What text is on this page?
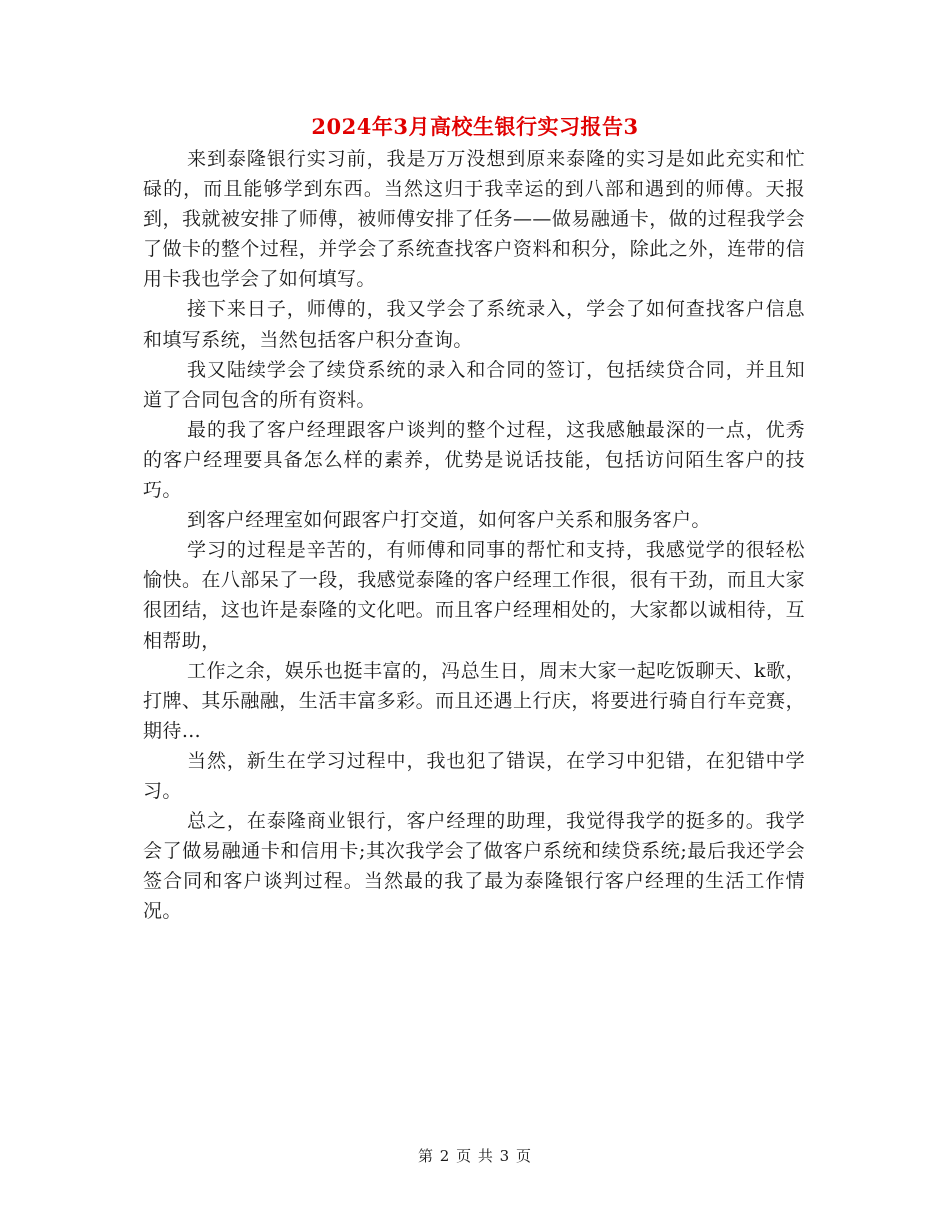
2024年3月高校生银行实习报告3

来到泰隆银行实习前，我是万万没想到原来泰隆的实习是如此充实和忙碌的，而且能够学到东西。当然这归于我幸运的到八部和遇到的师傅。天报到，我就被安排了师傅，被师傅安排了任务——做易融通卡，做的过程我学会了做卡的整个过程，并学会了系统查找客户资料和积分，除此之外，连带的信用卡我也学会了如何填写。

接下来日子，师傅的，我又学会了系统录入，学会了如何查找客户信息和填写系统，当然包括客户积分查询。

我又陆续学会了续贷系统的录入和合同的签订，包括续贷合同，并且知道了合同包含的所有资料。

最的我了客户经理跟客户谈判的整个过程，这我感触最深的一点，优秀的客户经理要具备怎么样的素养，优势是说话技能，包括访问陌生客户的技巧。

到客户经理室如何跟客户打交道，如何客户关系和服务客户。

学习的过程是辛苦的，有师傅和同事的帮忙和支持，我感觉学的很轻松愉快。在八部呆了一段，我感觉泰隆的客户经理工作很，很有干劲，而且大家很团结，这也许是泰隆的文化吧。而且客户经理相处的，大家都以诚相待，互相帮助，

工作之余，娱乐也挺丰富的，冯总生日，周末大家一起吃饭聊天、k歌，打牌、其乐融融，生活丰富多彩。而且还遇上行庆，将要进行骑自行车竞赛，期待…

当然，新生在学习过程中，我也犯了错误，在学习中犯错，在犯错中学习。

总之，在泰隆商业银行，客户经理的助理，我觉得我学的挺多的。我学会了做易融通卡和信用卡;其次我学会了做客户系统和续贷系统;最后我还学会签合同和客户谈判过程。当然最的我了最为泰隆银行客户经理的生活工作情况。

第 2 页 共 3 页
